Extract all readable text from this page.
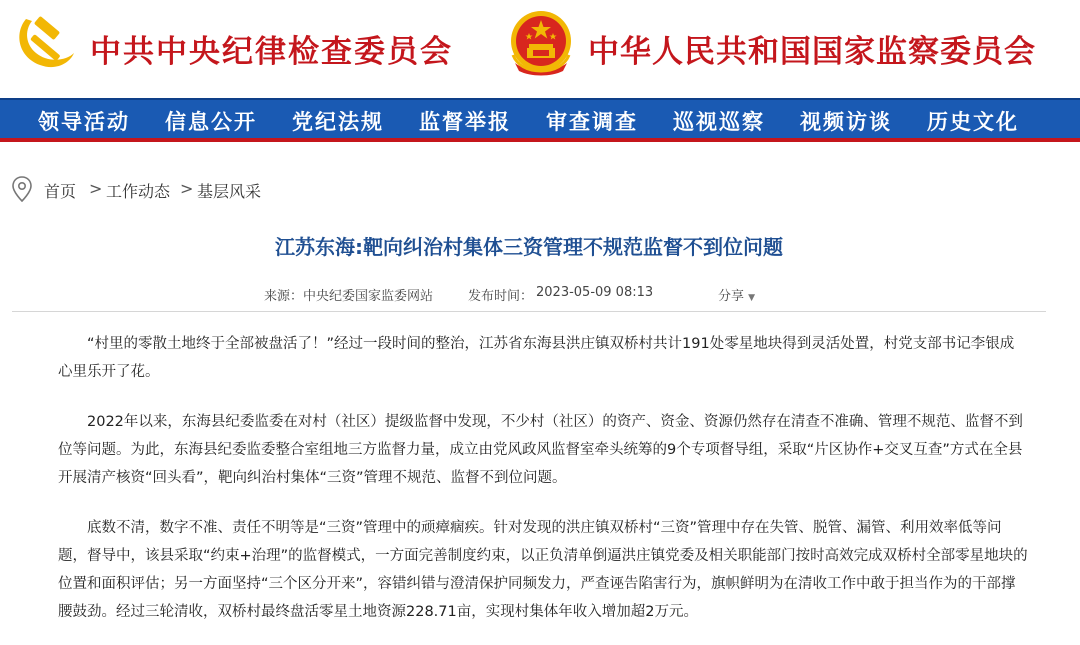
中共中央纪律检查委员会	中华人民共和国国家监察委员会
领导活动 信息公开 党纪法规 监督举报 审查调查 巡视巡察 视频访谈 历史文化
首页 > 工作动态 > 基层风采
江苏东海:靶向纠治村集体三资管理不规范监督不到位问题
来源： 中央纪委国家监委网站	发布时间： 2023-05-09 08:13	分享 ▼

“村里的零散土地终于全部被盘活了！”经过一段时间的整治，江苏省东海县洪庄镇双桥村共计191处零星地块得到灵活处置，村党支部书记李银成心里乐开了花。

2022年以来，东海县纪委监委在对村（社区）提级监督中发现，不少村（社区）的资产、资金、资源仍然存在清查不准确、管理不规范、监督不到位等问题。为此，东海县纪委监委整合室组地三方监督力量，成立由党风政风监督室牵头统筹的9个专项督导组，采取“片区协作+交叉互查”方式在全县开展清产核资“回头看”，靶向纠治村集体“三资”管理不规范、监督不到位问题。

底数不清，数字不准、责任不明等是“三资”管理中的顽瘴痼疾。针对发现的洪庄镇双桥村“三资”管理中存在失管、脱管、漏管、利用效率低等问题，督导中，该县采取“约束+治理”的监督模式，一方面完善制度约束，以正负清单倒逼洪庄镇党委及相关职能部门按时高效完成双桥村全部零星地块的位置和面积评估；另一方面坚持“三个区分开来”，容错纠错与澄清保护同频发力，严查诬告陷害行为，旗帜鲜明为在清收工作中敢于担当作为的干部撑腰鼓劲。经过三轮清收，双桥村最终盘活零星土地资源228.71亩，实现村集体年收入增加超2万元。
